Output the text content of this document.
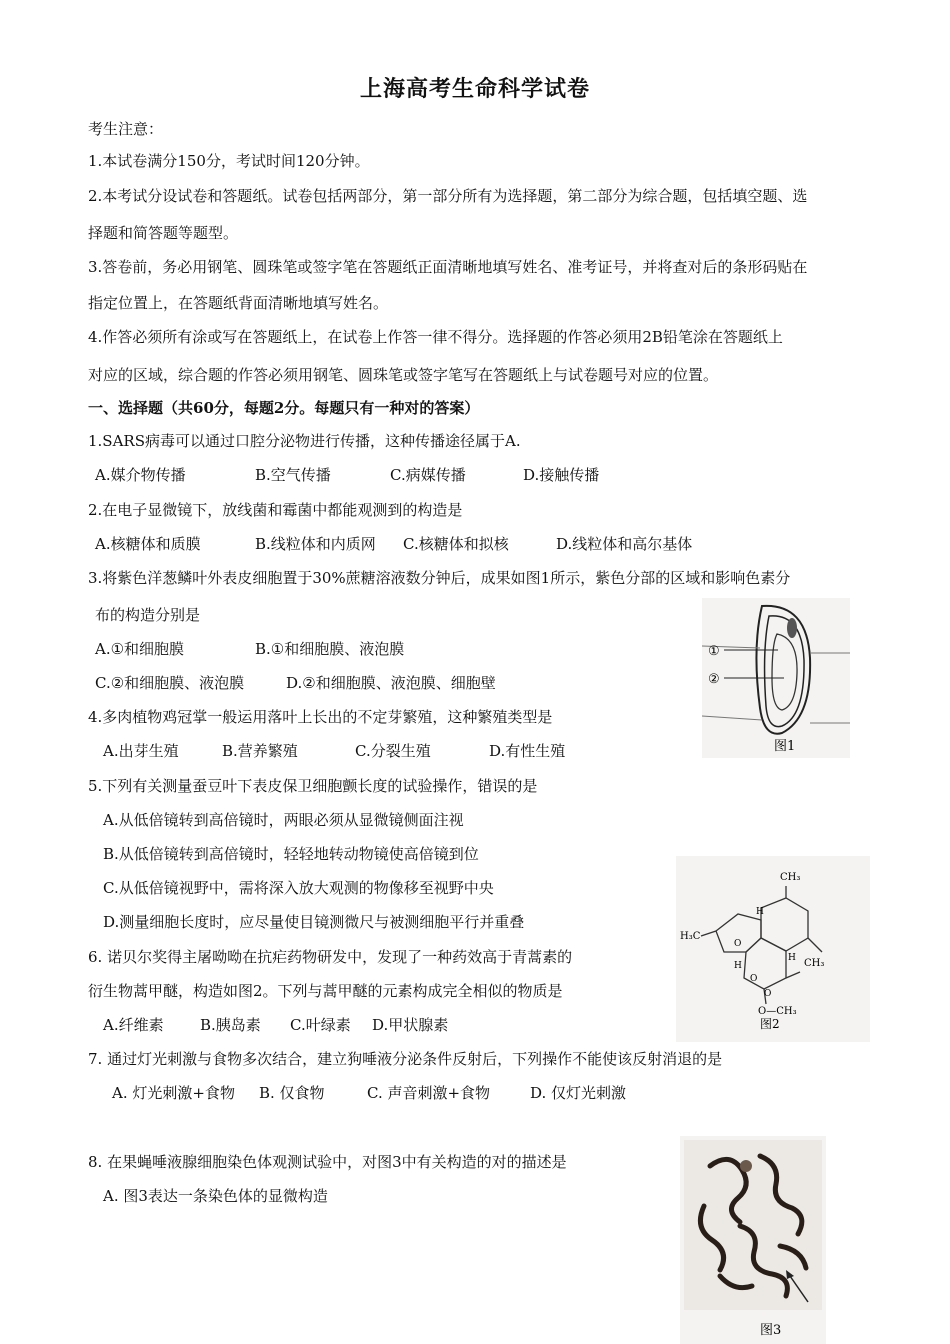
上海高考生命科学试卷
考生注意：
1.本试卷满分150分，考试时间120分钟。
2.本考试分设试卷和答题纸。试卷包括两部分，第一部分所有为选择题，第二部分为综合题，包括填空题、选
择题和简答题等题型。
3.答卷前，务必用钢笔、圆珠笔或签字笔在答题纸正面清晰地填写姓名、准考证号，并将查对后的条形码贴在
指定位置上，在答题纸背面清晰地填写姓名。
4.作答必须所有涂或写在答题纸上，在试卷上作答一律不得分。选择题的作答必须用2B铅笔涂在答题纸上
对应的区域，综合题的作答必须用钢笔、圆珠笔或签字笔写在答题纸上与试卷题号对应的位置。
一、选择题（共60分，每题2分。每题只有一种对的答案）
1.SARS病毒可以通过口腔分泌物进行传播，这种传播途径属于A.
A.媒介物传播	B.空气传播	C.病媒传播	D.接触传播
2.在电子显微镜下，放线菌和霉菌中都能观测到的构造是
A.核糖体和质膜	B.线粒体和内质网 C.核糖体和拟核	D.线粒体和高尔基体
3.将紫色洋葱鳞叶外表皮细胞置于30%蔗糖溶液数分钟后，成果如图1所示，紫色分部的区域和影响色素分
布的构造分别是
A.①和细胞膜	B.①和细胞膜、液泡膜
C.②和细胞膜、液泡膜	D.②和细胞膜、液泡膜、细胞壁
①
②
图1
4.多肉植物鸡冠掌一般运用落叶上长出的不定芽繁殖，这种繁殖类型是
A.出芽生殖	B.营养繁殖	C.分裂生殖	D.有性生殖
5.下列有关测量蚕豆叶下表皮保卫细胞颤长度的试验操作，错误的是
A.从低倍镜转到高倍镜时，两眼必须从显微镜侧面注视
B.从低倍镜转到高倍镜时，轻轻地转动物镜使高倍镜到位
C.从低倍镜视野中，需将深入放大观测的物像移至视野中央
D.测量细胞长度时，应尽量使目镜测微尺与被测细胞平行并重叠
CH₃
H₃C
CH₃
O—CH₃
H
H
H
O
O
O
图2
6. 诺贝尔奖得主屠呦呦在抗疟药物研发中，发现了一种药效高于青蒿素的
衍生物蒿甲醚，构造如图2。下列与蒿甲醚的元素构成完全相似的物质是
A.纤维素 B.胰岛素 C.叶绿素 D.甲状腺素
7. 通过灯光刺激与食物多次结合，建立狗唾液分泌条件反射后，下列操作不能使该反射消退的是
A. 灯光刺激+食物 B. 仅食物	C. 声音刺激+食物	D. 仅灯光刺激
8. 在果蝇唾液腺细胞染色体观测试验中，对图3中有关构造的对的描述是
A. 图3表达一条染色体的显微构造
图3
